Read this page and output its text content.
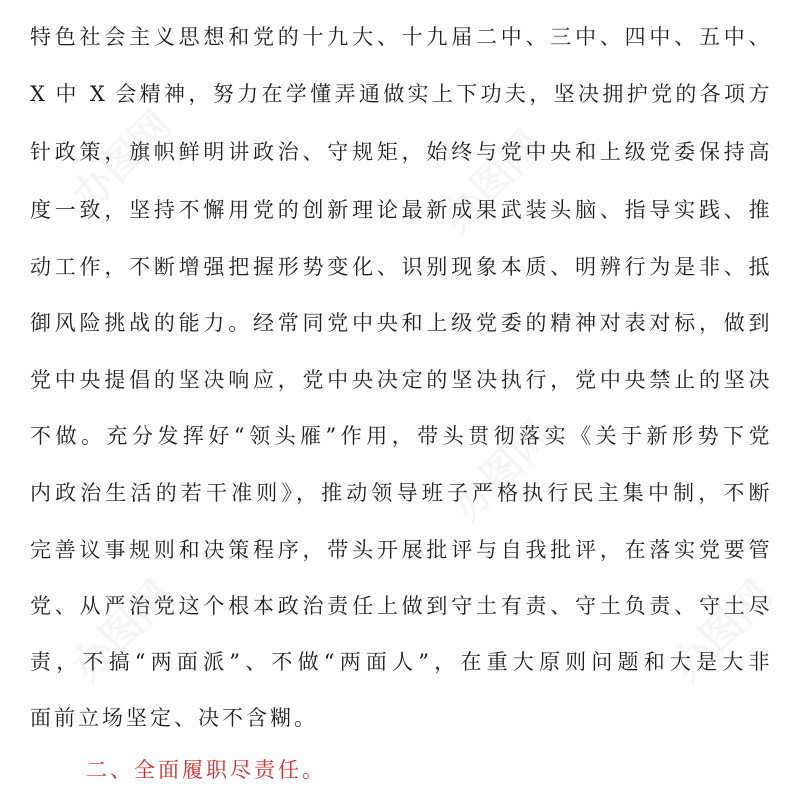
办图网
办图网
办图网
办图网	办图网
特色社会主义思想和党的十九大、十九届二中、三中、四中、五中、
X 中 X 会精神，努力在学懂弄通做实上下功夫，坚决拥护党的各项方
针政策，旗帜鲜明讲政治、守规矩，始终与党中央和上级党委保持高
度一致，坚持不懈用党的创新理论最新成果武装头脑、指导实践、推
动工作，不断增强把握形势变化、识别现象本质、明辨行为是非、抵
御风险挑战的能力。经常同党中央和上级党委的精神对表对标，做到
党中央提倡的坚决响应，党中央决定的坚决执行，党中央禁止的坚决
不做。充分发挥好“领头雁”作用，带头贯彻落实《关于新形势下党
内政治生活的若干准则》，推动领导班子严格执行民主集中制，不断
完善议事规则和决策程序，带头开展批评与自我批评，在落实党要管
党、从严治党这个根本政治责任上做到守土有责、守土负责、守土尽
责，不搞“两面派”、不做“两面人”，在重大原则问题和大是大非
面前立场坚定、决不含糊。
二、全面履职尽责任。
